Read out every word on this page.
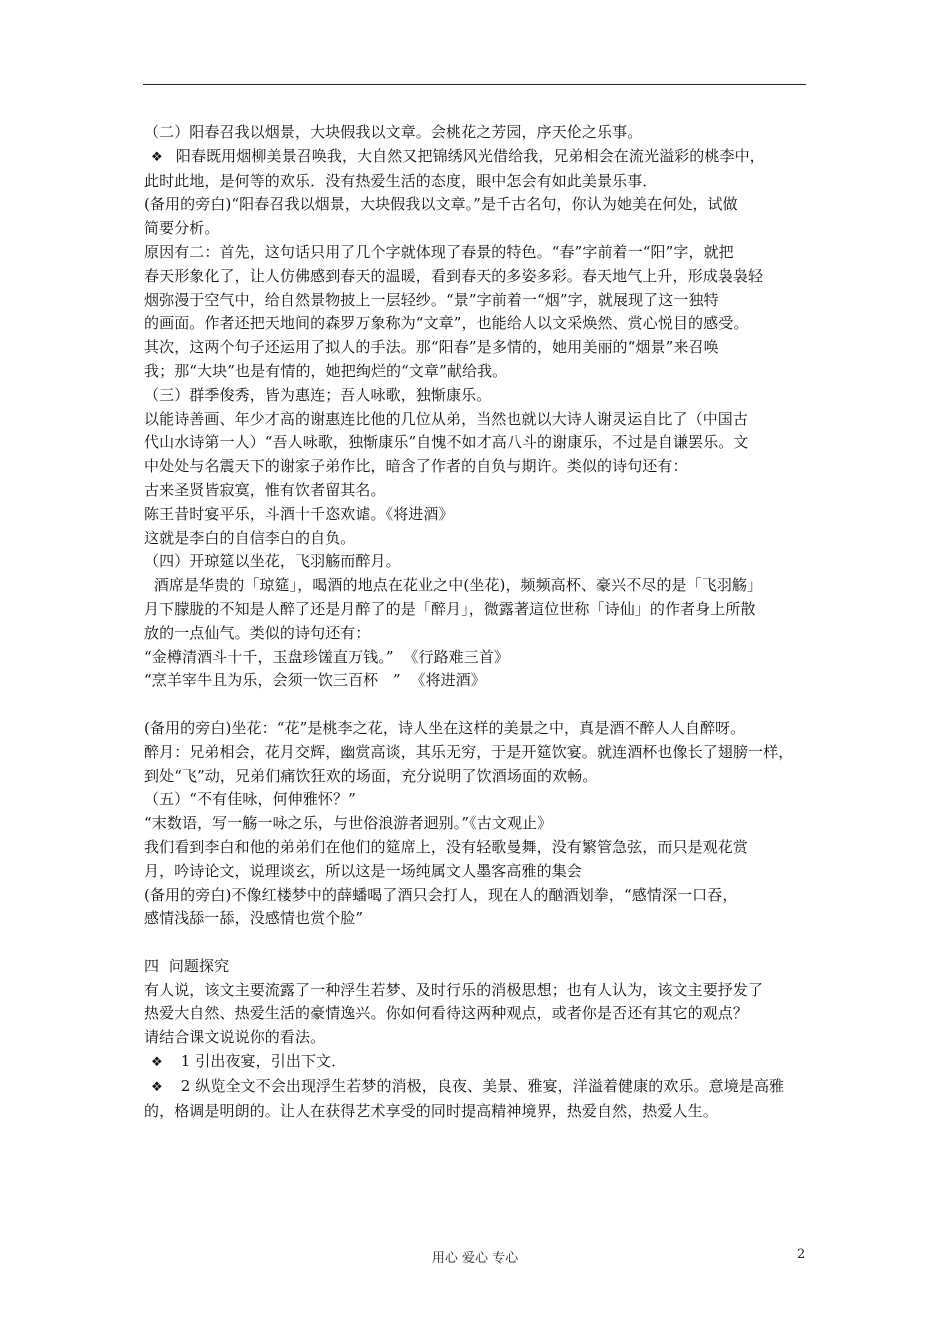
（二）阳春召我以烟景，大块假我以文章。会桃花之芳园，序天伦之乐事。

❖ 阳春既用烟柳美景召唤我，大自然又把锦绣风光借给我，兄弟相会在流光溢彩的桃李中，

此时此地，是何等的欢乐．没有热爱生活的态度，眼中怎会有如此美景乐事．

(备用的旁白)“阳春召我以烟景，大块假我以文章。”是千古名句，你认为她美在何处，试做

简要分析。

原因有二：首先，这句话只用了几个字就体现了春景的特色。“春”字前着一“阳”字，就把

春天形象化了，让人仿佛感到春天的温暖，看到春天的多姿多彩。春天地气上升，形成袅袅轻

烟弥漫于空气中，给自然景物披上一层轻纱。“景”字前着一“烟”字，就展现了这一独特

的画面。作者还把天地间的森罗万象称为“文章”，也能给人以文采焕然、赏心悦目的感受。

其次，这两个句子还运用了拟人的手法。那“阳春”是多情的，她用美丽的“烟景”来召唤

我；那“大块”也是有情的，她把绚烂的“文章”献给我。

（三）群季俊秀，皆为惠连；吾人咏歌，独惭康乐。

以能诗善画、年少才高的谢惠连比他的几位从弟，当然也就以大诗人谢灵运自比了（中国古

代山水诗第一人）“吾人咏歌，独惭康乐”自愧不如才高八斗的谢康乐，不过是自谦罢乐。文

中处处与名震天下的谢家子弟作比，暗含了作者的自负与期许。类似的诗句还有：

古来圣贤皆寂寞，惟有饮者留其名。

陈王昔时宴平乐，斗酒十千恣欢谑。《将进酒》

这就是李白的自信李白的自负。

（四）开琼筵以坐花，飞羽觞而醉月。

酒席是华贵的「琼筵」，喝酒的地点在花业之中(坐花)，频频高杯、豪兴不尽的是「飞羽觞」

月下朦胧的不知是人醉了还是月醉了的是「醉月」，微露著這位世称「诗仙」的作者身上所散

放的一点仙气。类似的诗句还有：

“金樽清酒斗十千，玉盘珍馐直万钱。”  《行路难三首》

“烹羊宰牛且为乐，会须一饮三百杯   ”  《将进酒》

(备用的旁白)坐花：“花”是桃李之花，诗人坐在这样的美景之中，真是酒不醉人人自醉呀。

醉月：兄弟相会，花月交辉，幽赏高谈，其乐无穷，于是开筵饮宴。就连酒杯也像长了翅膀一样，

到处“飞”动，兄弟们痛饮狂欢的场面，充分说明了饮酒场面的欢畅。

（五）“不有佳咏，何伸雅怀？”

“末数语，写一觞一咏之乐，与世俗浪游者迥别。”《古文观止》

我们看到李白和他的弟弟们在他们的筵席上，没有轻歌曼舞，没有繁管急弦，而只是观花赏

月，吟诗论文，说理谈玄，所以这是一场纯属文人墨客高雅的集会

(备用的旁白)不像红楼梦中的薛蟠喝了酒只会打人，现在人的酗酒划拳，“感情深一口吞，

感情浅舔一舔，没感情也赏个脸”

四  问题探究

有人说，该文主要流露了一种浮生若梦、及时行乐的消极思想；也有人认为，该文主要抒发了

热爱大自然、热爱生活的豪情逸兴。你如何看待这两种观点，或者你是否还有其它的观点？

请结合课文说说你的看法。

❖  1 引出夜宴，引出下文．

❖  2 纵览全文不会出现浮生若梦的消极，良夜、美景、雅宴，洋溢着健康的欢乐。意境是高雅

的，格调是明朗的。让人在获得艺术享受的同时提高精神境界，热爱自然，热爱人生。

用心 爱心 专心	2
